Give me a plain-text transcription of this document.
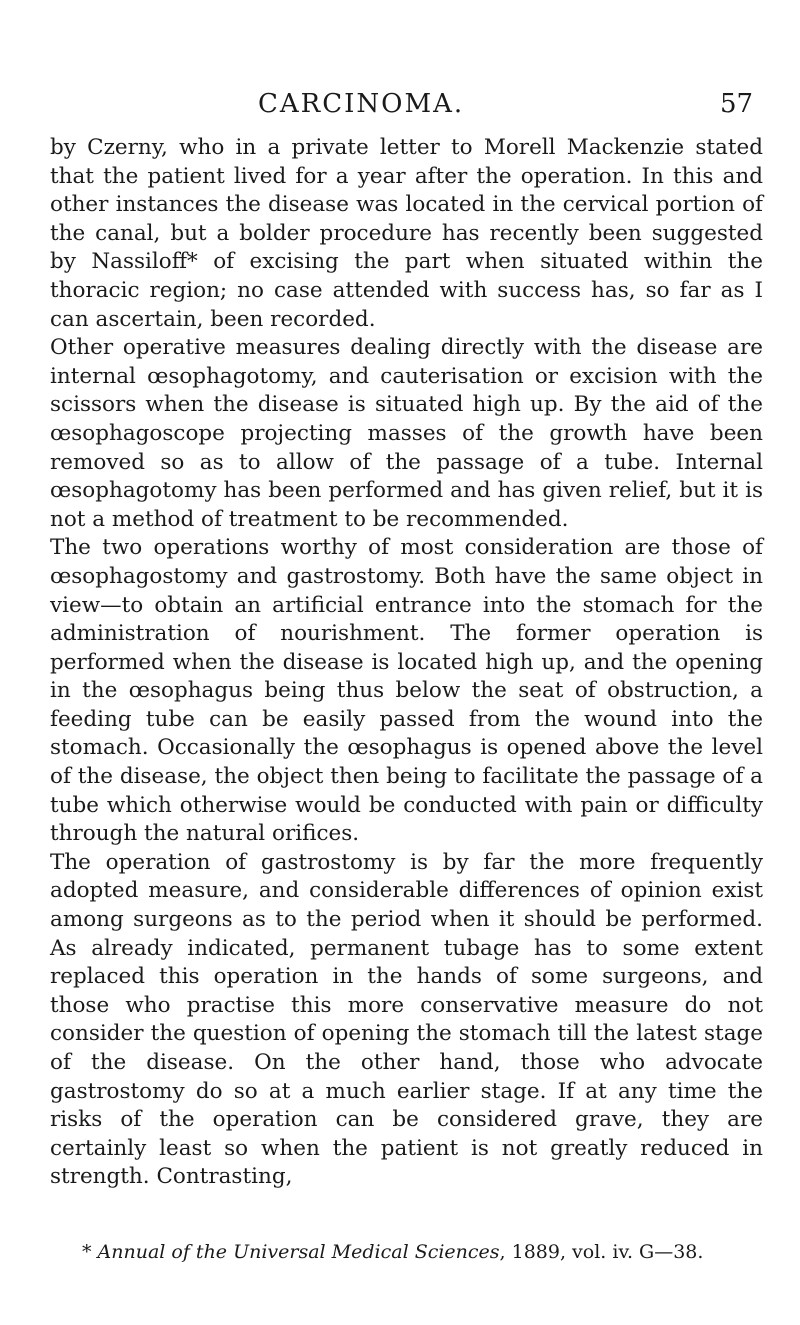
CARCINOMA.	57

by Czerny, who in a private letter to Morell Mackenzie stated that the patient lived for a year after the operation. In this and other instances the disease was located in the cervical portion of the canal, but a bolder procedure has recently been suggested by Nassiloff* of excising the part when situated within the thoracic region; no case attended with success has, so far as I can ascertain, been recorded.

Other operative measures dealing directly with the disease are internal œsophagotomy, and cauterisation or excision with the scissors when the disease is situated high up. By the aid of the œsophagoscope projecting masses of the growth have been removed so as to allow of the passage of a tube. Internal œsophagotomy has been performed and has given relief, but it is not a method of treatment to be recommended.

The two operations worthy of most consideration are those of œsophagostomy and gastrostomy. Both have the same object in view—to obtain an artificial entrance into the stomach for the administration of nourishment. The former operation is performed when the disease is located high up, and the opening in the œsophagus being thus below the seat of obstruction, a feeding tube can be easily passed from the wound into the stomach. Occasionally the œsophagus is opened above the level of the disease, the object then being to facilitate the passage of a tube which otherwise would be conducted with pain or difficulty through the natural orifices.

The operation of gastrostomy is by far the more frequently adopted measure, and considerable differences of opinion exist among surgeons as to the period when it should be performed. As already indicated, permanent tubage has to some extent replaced this operation in the hands of some surgeons, and those who practise this more conservative measure do not consider the question of opening the stomach till the latest stage of the disease. On the other hand, those who advocate gastrostomy do so at a much earlier stage. If at any time the risks of the operation can be considered grave, they are certainly least so when the patient is not greatly reduced in strength. Contrasting,

* Annual of the Universal Medical Sciences, 1889, vol. iv. G—38.
